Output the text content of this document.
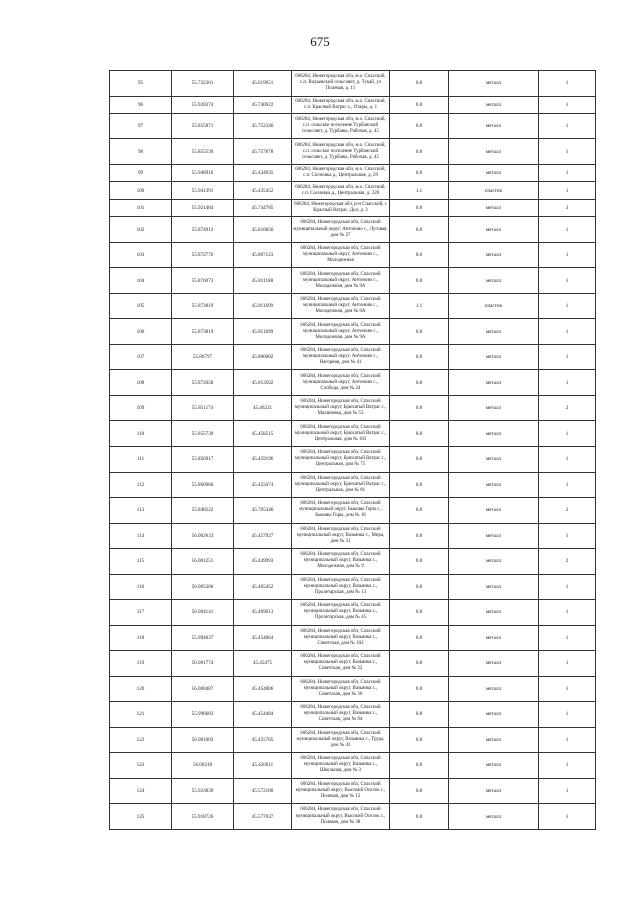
675
95	55.732361	45.619051	606284, Нижегородская обл, м.о. Спасский, с.п. Вадъевский сельсовет, д. Тукай, ул Полевая, д. 11	0.8	металл	1
96	55.920374	45.740022	606284, Нижегородская обл, м.о. Спасский, с.п. Красный Ватрас с., Отары, д. 1	0.8	металл	1
97	55.855871	45.752346	606284, Нижегородская обл, м.о. Спасский, с.п. сельское поселение Турбанский сельсовет, д. Турбаны, Рабочая, д. 45	0.8	металл	1
98	55.855539	45.757878	606284, Нижегородская обл, м.о. Спасский, с.п. сельское поселение Турбанский сельсовет, д. Турбаны, Рабочая, д. 45	0.8	металл	1
99	55.948916	45.434935	606284, Нижегородская обл, м.о. Спасский, с.п. Сосновка д., Центральная, д. 29	0.8	металл	1
100	55.941391	45.435452	606284, Нижегородская обл, м.о. Спасский, с.п. Сосновка д., Центральная, д. 32б	1.1	пластик	1
101	55.921484	45.744785	606284, Нижегородская обл, р-н Спасский, с Красный Ватрас, Дол, д. 3	0.8	металл	3
102	55.874912	45.816856	606284, Нижегородская обл, Спасский муниципальный округ, Антоново с., Луговая, дом № 27	0.8	металл	1
103	55.872776	45.807123	606284, Нижегородская обл, Спасский муниципальный округ, Антоново с., Молодежная	8.0	металл	1
104	55.876073	45.811188	606284, Нижегородская обл, Спасский муниципальный округ, Антоново с., Молодежная, дом № 9А	0.8	металл	1
105	55.873819	45.811699	606284, Нижегородская обл, Спасский муниципальный округ, Антоново с., Молодежная, дом № 9А	1.1	пластик	1
106	55.873819	45.811699	606284, Нижегородская обл, Спасский муниципальный округ, Антоново с., Молодежная, дом № 9А	0.8	металл	1
107	55.86797	45.806002	606284, Нижегородская обл, Спасский муниципальный округ, Антоново с., Нагорная, дом № 41	0.8	металл	1
108	55.872058	45.813502	606284, Нижегородская обл, Спасский муниципальный округ, Антоново с., Слобода, дом № 24	0.8	металл	1
109	55.851174	45.46221	606284, Нижегородская обл, Спасский муниципальный округ, Брюхатый Ватрас с., Малиновка, дом № 53	0.8	металл	2
110	55.855739	45.458515	606284, Нижегородская обл, Спасский муниципальный округ, Брюхатый Ватрас с., Центральная, дом № 103	8.0	металл	1
111	55.856917	45.459196	606284, Нижегородская обл, Спасский муниципальный округ, Брюхатый Ватрас с., Центральная, дом № 75	0.8	металл	1
112	55.860966	45.455074	606284, Нижегородская обл, Спасский муниципальный округ, Брюхатый Ватрас с., Центральная, дом № 81	0.8	металл	1
113	55.848222	45.765346	606284, Нижегородская обл, Спасский муниципальный округ, Быковы Горы с., Быковы Горы, дом № 18	0.8	металл	2
114	56.002633	45.457927	606284, Нижегородская обл, Спасский муниципальный округ, Вазьянка с., Мира, дом № 31	0.8	металл	1
115	56.001251	45.449993	606284, Нижегородская обл, Спасский муниципальный округ, Вазьянка с., Молодежная, дом № 9	0.8	металл	2
116	56.005206	45.465452	606284, Нижегородская обл, Спасский муниципальный округ, Вазьянка с., Пролетарская, дом № 13	0.8	металл	1
117	56.004141	45.469013	606284, Нижегородская обл, Спасский муниципальный округ, Вазьянка с., Пролетарская, дом № 45	0.8	металл	1
118	55.994037	45.454064	606284, Нижегородская обл, Спасский муниципальный округ, Вазьянка с., Советская, дом № 102	0.8	металл	1
119	56.001774	45.45475	606284, Нижегородская обл, Спасский муниципальный округ, Вазьянка с., Советская, дом № 22	0.8	металл	1
120	56.000487	45.454806	606284, Нижегородская обл, Спасский муниципальный округ, Вазьянка с., Советская, дом № 36	0.8	металл	1
121	55.996603	45.454484	606284, Нижегородская обл, Спасский муниципальный округ, Вазьянка с., Советская, дом № 94	0.8	металл	1
122	56.001003	45.455705	606284, Нижегородская обл, Спасский муниципальный округ, Вазьянка с., Труда, дом № 43	0.8	металл	1
123	56.00318	45.450011	606284, Нижегородская обл, Спасский муниципальный округ, Вазьянка с., Школьная, дом № 3	0.8	металл	1
124	55.923839	45.572100	606284, Нижегородская обл, Спасский муниципальный округ, Высокий Оселок с., Полевая, дом № 12	0.8	металл	1
125	55.918726	45.577037	606284, Нижегородская обл, Спасский муниципальный округ, Высокий Оселок с., Полевая, дом № 38	0.8	металл	1
